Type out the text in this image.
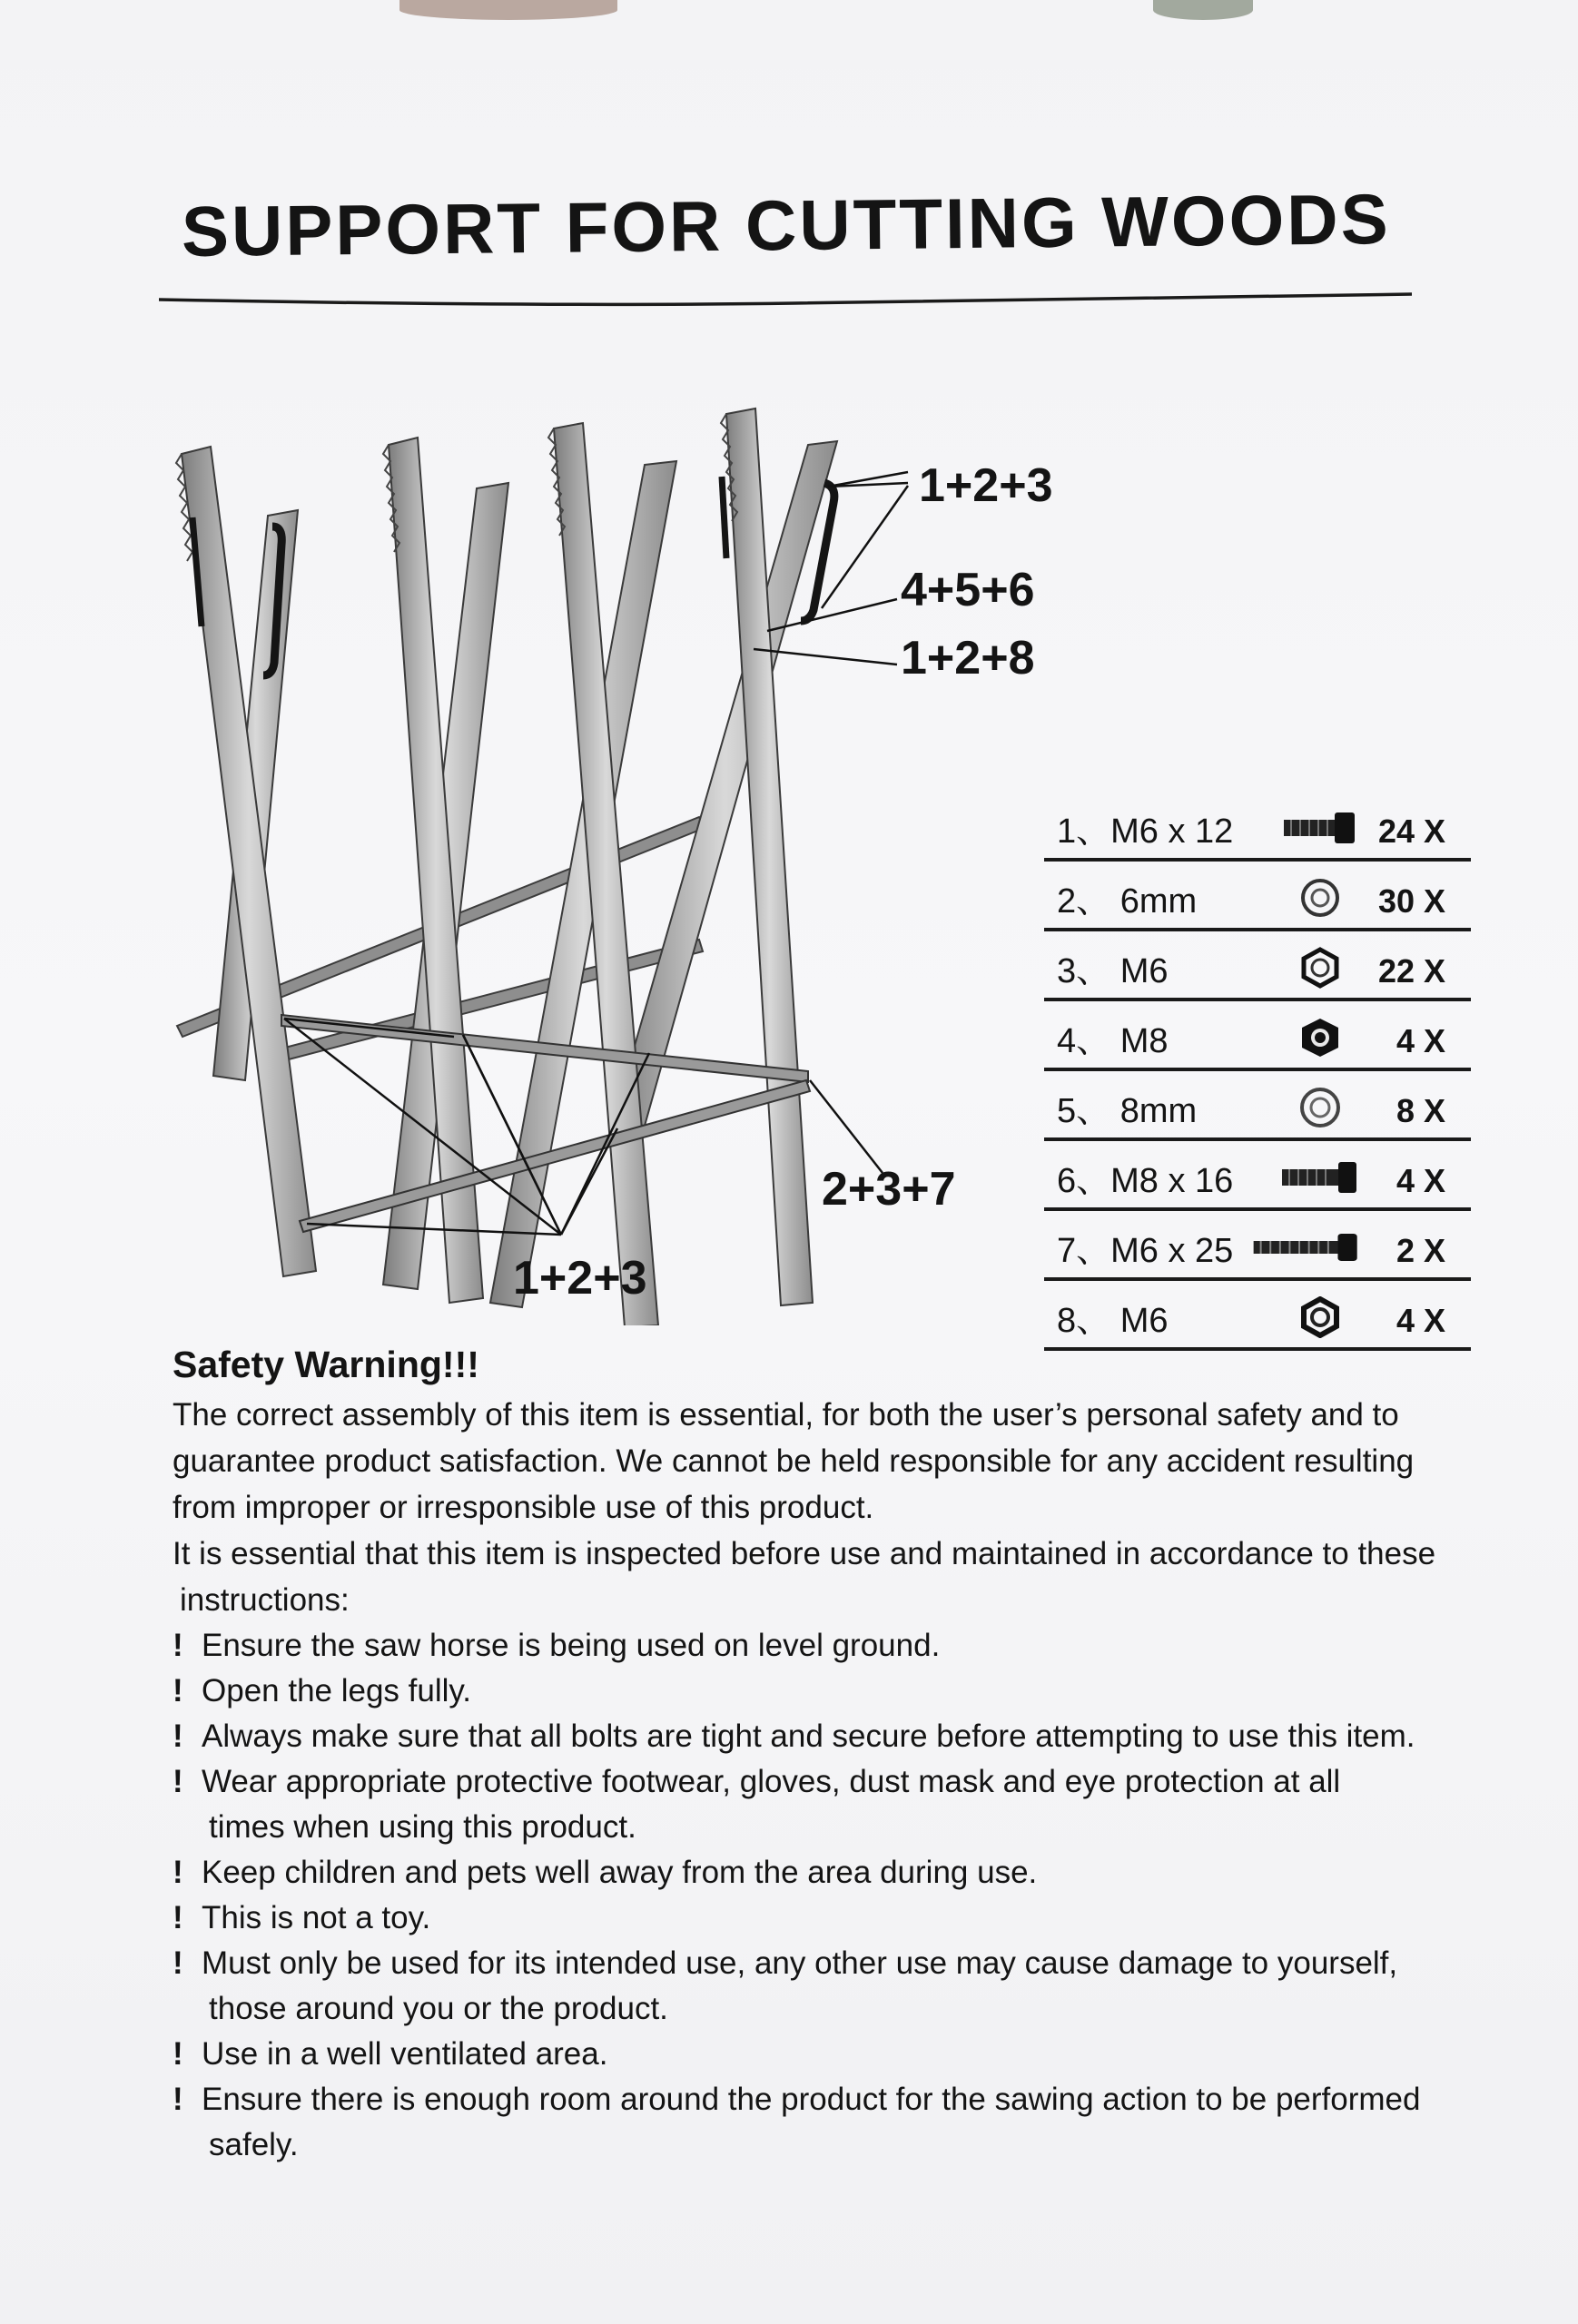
SUPPORT FOR CUTTING WOODS
1+2+3
4+5+6
1+2+8
2+3+7
1+2+3
1、M6 x 12	24 X
2、 6mm	30 X
3、 M6	22 X
4、 M8	4 X
5、 8mm	8 X
6、M8 x 16	4 X
7、M6 x 25	2 X
8、 M6	4 X
Safety Warning!!!
The correct assembly of this item is essential, for both the user’s personal safety and to guarantee product satisfaction. We cannot be held responsible for any accident resulting from improper or irresponsible use of this product.
It is essential that this item is inspected before use and maintained in accordance to these
instructions:
! Ensure the saw horse is being used on level ground.
! Open the legs fully.
! Always make sure that all bolts are tight and secure before attempting to use this item.
! Wear appropriate protective footwear, gloves, dust mask and eye protection at all
times when using this product.
! Keep children and pets well away from the area during use.
! This is not a toy.
! Must only be used for its intended use, any other use may cause damage to yourself,
those around you or the product.
! Use in a well ventilated area.
! Ensure there is enough room around the product for the sawing action to be performed
safely.
